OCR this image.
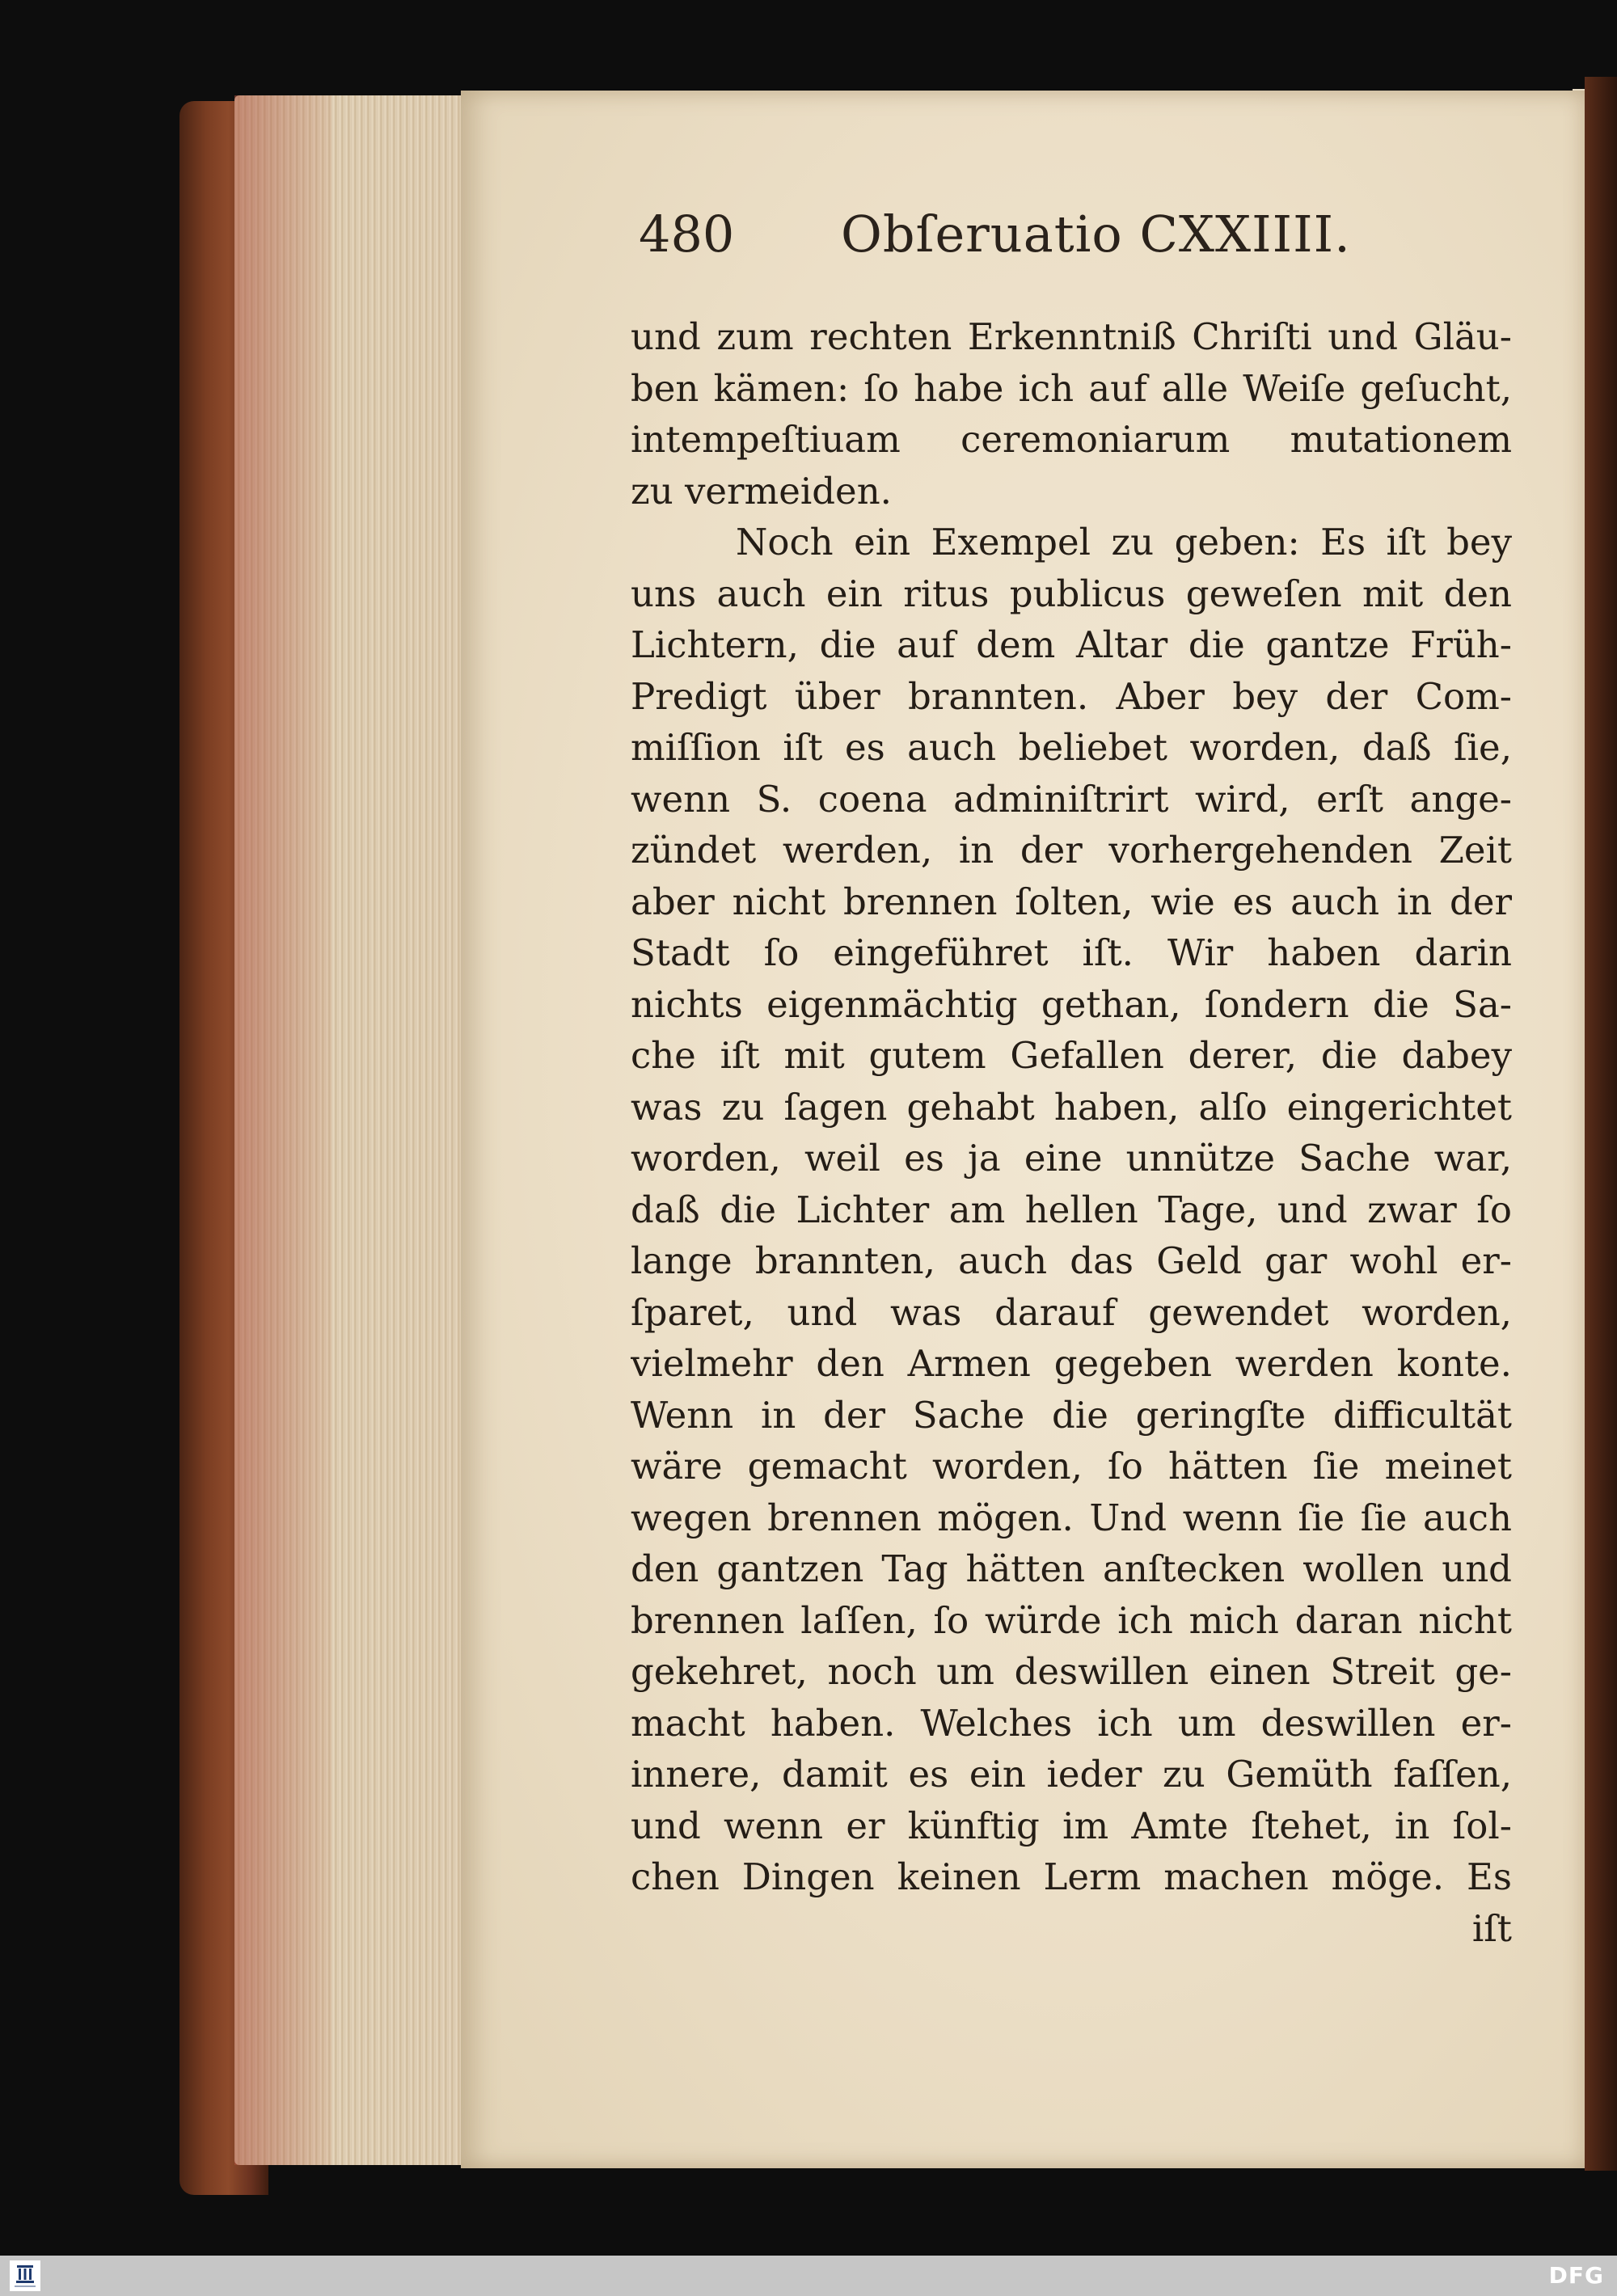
480 Obſeruatio CXXIIII.
und zum rechten Erkenntniß Chriſti und Gläu-
ben kämen: ſo habe ich auf alle Weiſe geſucht,
intempeſtiuam ceremoniarum mutationem
zu vermeiden.
Noch ein Exempel zu geben: Es iſt bey
uns auch ein ritus publicus geweſen mit den
Lichtern, die auf dem Altar die gantze Früh-
Predigt über brannten. Aber bey der Com-
miſſion iſt es auch beliebet worden, daß ſie,
wenn S. coena adminiſtrirt wird, erſt ange-
zündet werden, in der vorhergehenden Zeit
aber nicht brennen ſolten, wie es auch in der
Stadt ſo eingeführet iſt. Wir haben darin
nichts eigenmächtig gethan, ſondern die Sa-
che iſt mit gutem Gefallen derer, die dabey
was zu ſagen gehabt haben, alſo eingerichtet
worden, weil es ja eine unnütze Sache war,
daß die Lichter am hellen Tage, und zwar ſo
lange brannten, auch das Geld gar wohl er-
ſparet, und was darauf gewendet worden,
vielmehr den Armen gegeben werden konte.
Wenn in der Sache die geringſte difficultät
wäre gemacht worden, ſo hätten ſie meinet
wegen brennen mögen. Und wenn ſie ſie auch
den gantzen Tag hätten anſtecken wollen und
brennen laſſen, ſo würde ich mich daran nicht
gekehret, noch um deswillen einen Streit ge-
macht haben. Welches ich um deswillen er-
innere, damit es ein ieder zu Gemüth faſſen,
und wenn er künftig im Amte ſtehet, in ſol-
chen Dingen keinen Lerm machen möge. Es
iſt
DFG
